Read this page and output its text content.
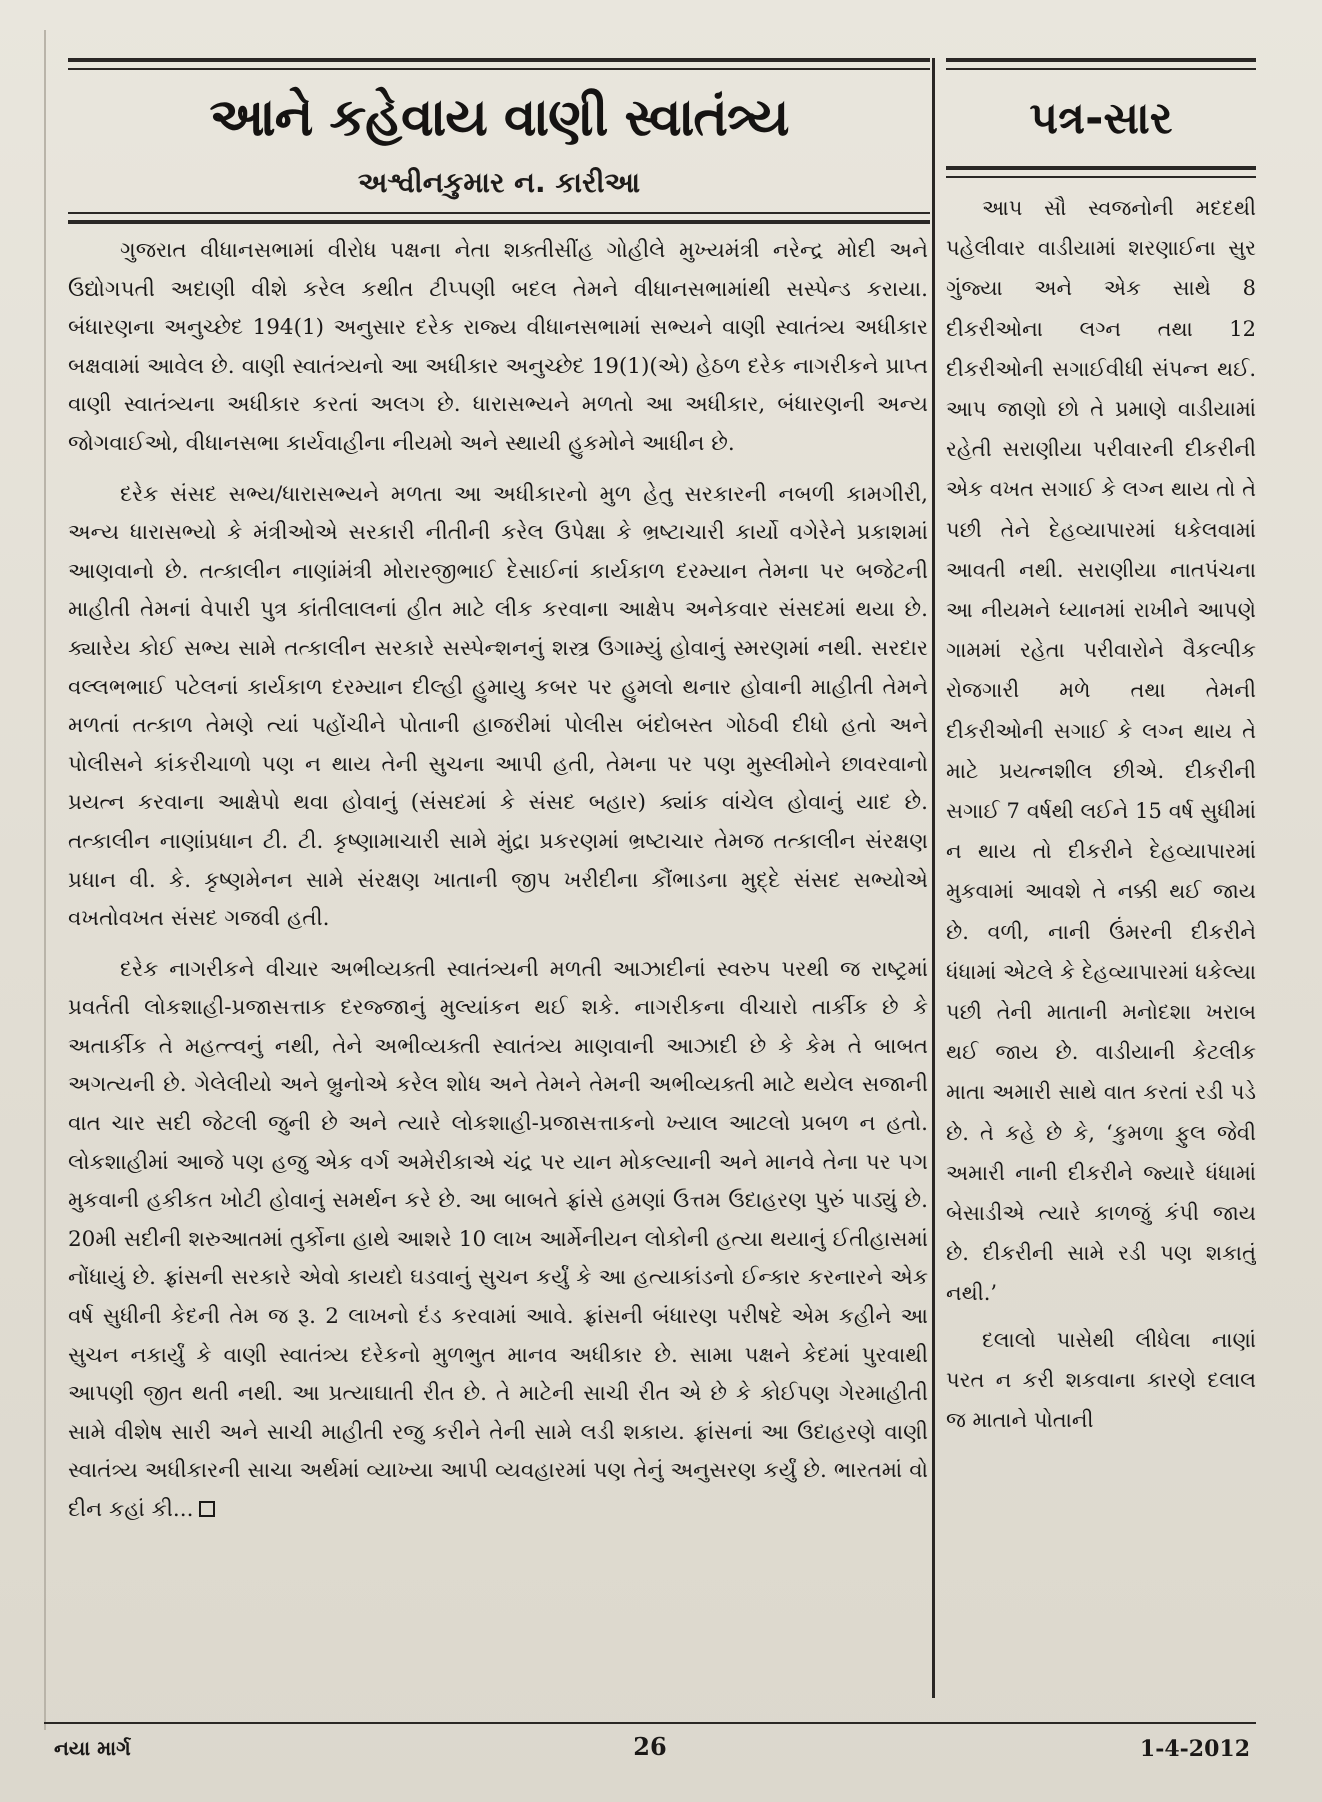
આને કહેવાય વાણી સ્વાતંત્ર્ય
અશ્વીનકુમાર ન. કારીઆ
પત્ર-સાર

ગુજરાત વીધાનસભામાં વીરોધ પક્ષના નેતા શક્તીસીંહ ગોહીલે મુખ્યમંત્રી નરેન્દ્ર મોદી અને ઉદ્યોગપતી અદાણી વીશે કરેલ કથીત ટીપ્પણી બદલ તેમને વીધાનસભામાંથી સસ્પેન્ડ કરાયા. બંધારણના અનુચ્છેદ 194(1) અનુસાર દરેક રાજ્ય વીધાનસભામાં સભ્યને વાણી સ્વાતંત્ર્ય અધીકાર બક્ષવામાં આવેલ છે. વાણી સ્વાતંત્ર્યનો આ અધીકાર અનુચ્છેદ 19(1)(એ) હેઠળ દરેક નાગરીકને પ્રાપ્ત વાણી સ્વાતંત્ર્યના અધીકાર કરતાં અલગ છે. ધારાસભ્યને મળતો આ અધીકાર, બંધારણની અન્ય જોગવાઈઓ, વીધાનસભા કાર્યવાહીના નીયમો અને સ્થાયી હુકમોને આધીન છે.

દરેક સંસદ સભ્ય/ધારાસભ્યને મળતા આ અધીકારનો મુળ હેતુ સરકારની નબળી કામગીરી, અન્ય ધારાસભ્યો કે મંત્રીઓએ સરકારી નીતીની કરેલ ઉપેક્ષા કે ભ્રષ્ટાચારી કાર્યો વગેરેને પ્રકાશમાં આણવાનો છે. તત્કાલીન નાણાંમંત્રી મોરારજીભાઈ દેસાઈનાં કાર્યકાળ દરમ્યાન તેમના પર બજેટની માહીતી તેમનાં વેપારી પુત્ર કાંતીલાલનાં હીત માટે લીક કરવાના આક્ષેપ અનેકવાર સંસદમાં થયા છે. ક્યારેય કોઈ સભ્ય સામે તત્કાલીન સરકારે સસ્પેન્શનનું શસ્ત્ર ઉગામ્યું હોવાનું સ્મરણમાં નથી. સરદાર વલ્લભભાઈ પટેલનાં કાર્યકાળ દરમ્યાન દીલ્હી હુમાયુ કબર પર હુમલો થનાર હોવાની માહીતી તેમને મળતાં તત્કાળ તેમણે ત્યાં પહોંચીને પોતાની હાજરીમાં પોલીસ બંદોબસ્ત ગોઠવી દીધો હતો અને પોલીસને કાંકરીચાળો પણ ન થાય તેની સુચના આપી હતી, તેમના પર પણ મુસ્લીમોને છાવરવાનો પ્રયત્ન કરવાના આક્ષેપો થવા હોવાનું (સંસદમાં કે સંસદ બહાર) ક્યાંક વાંચેલ હોવાનું યાદ છે. તત્કાલીન નાણાંપ્રધાન ટી. ટી. કૃષ્ણામાચારી સામે મુંદ્રા પ્રકરણમાં ભ્રષ્ટાચાર તેમજ તત્કાલીન સંરક્ષણ પ્રધાન વી. કે. કૃષ્ણમેનન સામે સંરક્ષણ ખાતાની જીપ ખરીદીના કૌંભાડના મુદ્દે સંસદ સભ્યોએ વખતોવખત સંસદ ગજવી હતી.

દરેક નાગરીકને વીચાર અભીવ્યક્તી સ્વાતંત્ર્યની મળતી આઝાદીનાં સ્વરુપ પરથી જ રાષ્ટ્રમાં પ્રવર્તતી લોકશાહી-પ્રજાસત્તાક દરજ્જાનું મુલ્યાંકન થઈ શકે. નાગરીકના વીચારો તાર્કીક છે કે અતાર્કીક તે મહત્ત્વનું નથી, તેને અભીવ્યક્તી સ્વાતંત્ર્ય માણવાની આઝાદી છે કે કેમ તે બાબત અગત્યની છે. ગેલેલીયો અને બ્રુનોએ કરેલ શોધ અને તેમને તેમની અભીવ્યક્તી માટે થયેલ સજાની વાત ચાર સદી જેટલી જુની છે અને ત્યારે લોકશાહી-પ્રજાસત્તાકનો ખ્યાલ આટલો પ્રબળ ન હતો. લોકશાહીમાં આજે પણ હજુ એક વર્ગ અમેરીકાએ ચંદ્ર પર યાન મોકલ્યાની અને માનવે તેના પર પગ મુકવાની હકીકત ખોટી હોવાનું સમર્થન કરે છે. આ બાબતે ફ્રાંસે હમણાં ઉત્તમ ઉદાહરણ પુરું પાડ્યું છે. 20મી સદીની શરુઆતમાં તુર્કોના હાથે આશરે 10 લાખ આર્મેનીયન લોકોની હત્યા થયાનું ઈતીહાસમાં નોંધાયું છે. ફ્રાંસની સરકારે એવો કાયદો ઘડવાનું સુચન કર્યું કે આ હત્યાકાંડનો ઈન્કાર કરનારને એક વર્ષ સુધીની કેદની તેમ જ રૂ. 2 લાખનો દંડ કરવામાં આવે. ફ્રાંસની બંધારણ પરીષદે એમ કહીને આ સુચન નકાર્યું કે વાણી સ્વાતંત્ર્ય દરેકનો મુળભુત માનવ અધીકાર છે. સામા પક્ષને કેદમાં પુરવાથી આપણી જીત થતી નથી. આ પ્રત્યાઘાતી રીત છે. તે માટેની સાચી રીત એ છે કે કોઈપણ ગેરમાહીતી સામે વીશેષ સારી અને સાચી માહીતી રજુ કરીને તેની સામે લડી શકાય. ફ્રાંસનાં આ ઉદાહરણે વાણી સ્વાતંત્ર્ય અધીકારની સાચા અર્થમાં વ્યાખ્યા આપી વ્યવહારમાં પણ તેનું અનુસરણ કર્યું છે. ભારતમાં વો દીન કહાં કી...

આપ સૌ સ્વજનોની મદદથી પહેલીવાર વાડીયામાં શરણાઈના સુર ગુંજ્યા અને એક સાથે 8 દીકરીઓના લગ્ન તથા 12 દીકરીઓની સગાઈવીધી સંપન્ન થઈ. આપ જાણો છો તે પ્રમાણે વાડીયામાં રહેતી સરાણીયા પરીવારની દીકરીની એક વખત સગાઈ કે લગ્ન થાય તો તે પછી તેને દેહવ્યાપારમાં ધકેલવામાં આવતી નથી. સરાણીયા નાતપંચના આ નીયમને ધ્યાનમાં રાખીને આપણે ગામમાં રહેતા પરીવારોને વૈકલ્પીક રોજગારી મળે તથા તેમની દીકરીઓની સગાઈ કે લગ્ન થાય તે માટે પ્રયત્નશીલ છીએ. દીકરીની સગાઈ 7 વર્ષથી લઈને 15 વર્ષ સુધીમાં ન થાય તો દીકરીને દેહવ્યાપારમાં મુકવામાં આવશે તે નક્કી થઈ જાય છે. વળી, નાની ઉંમરની દીકરીને ધંધામાં એટલે કે દેહવ્યાપારમાં ધકેલ્યા પછી તેની માતાની મનોદશા ખરાબ થઈ જાય છે. વાડીયાની કેટલીક માતા અમારી સાથે વાત કરતાં રડી પડે છે. તે કહે છે કે, ‘કુમળા ફુલ જેવી અમારી નાની દીકરીને જ્યારે ધંધામાં બેસાડીએ ત્યારે કાળજું કંપી જાય છે. દીકરીની સામે રડી પણ શકાતું નથી.’

દલાલો પાસેથી લીધેલા નાણાં પરત ન કરી શકવાના કારણે દલાલ જ માતાને પોતાની

નયા માર્ગ	26	1-4-2012
